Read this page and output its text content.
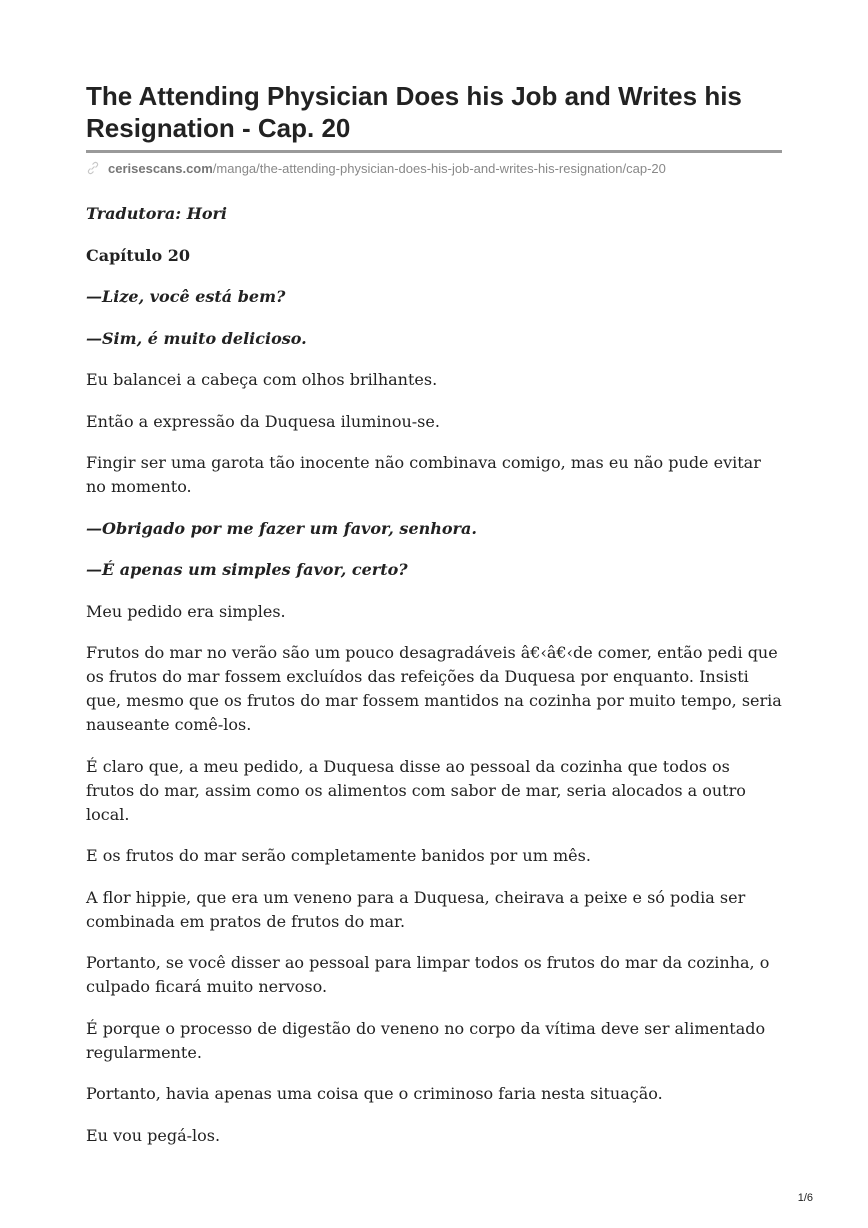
The Attending Physician Does his Job and Writes his Resignation - Cap. 20
cerisescans.com /manga/the-attending-physician-does-his-job-and-writes-his-resignation/cap-20

Tradutora: Hori

Capítulo 20

—Lize, você está bem?

—Sim, é muito delicioso.

Eu balancei a cabeça com olhos brilhantes.

Então a expressão da Duquesa iluminou-se.

Fingir ser uma garota tão inocente não combinava comigo, mas eu não pude evitar no momento.

—Obrigado por me fazer um favor, senhora.

—É apenas um simples favor, certo?

Meu pedido era simples.

Frutos do mar no verão são um pouco desagradáveis â€‹â€‹de comer, então pedi que os frutos do mar fossem excluídos das refeições da Duquesa por enquanto. Insisti que, mesmo que os frutos do mar fossem mantidos na cozinha por muito tempo, seria nauseante comê-los.

É claro que, a meu pedido, a Duquesa disse ao pessoal da cozinha que todos os frutos do mar, assim como os alimentos com sabor de mar, seria alocados a outro local.

E os frutos do mar serão completamente banidos por um mês.

A flor hippie, que era um veneno para a Duquesa, cheirava a peixe e só podia ser combinada em pratos de frutos do mar.

Portanto, se você disser ao pessoal para limpar todos os frutos do mar da cozinha, o culpado ficará muito nervoso.

É porque o processo de digestão do veneno no corpo da vítima deve ser alimentado regularmente.

Portanto, havia apenas uma coisa que o criminoso faria nesta situação.

Eu vou pegá-los.

1/6
